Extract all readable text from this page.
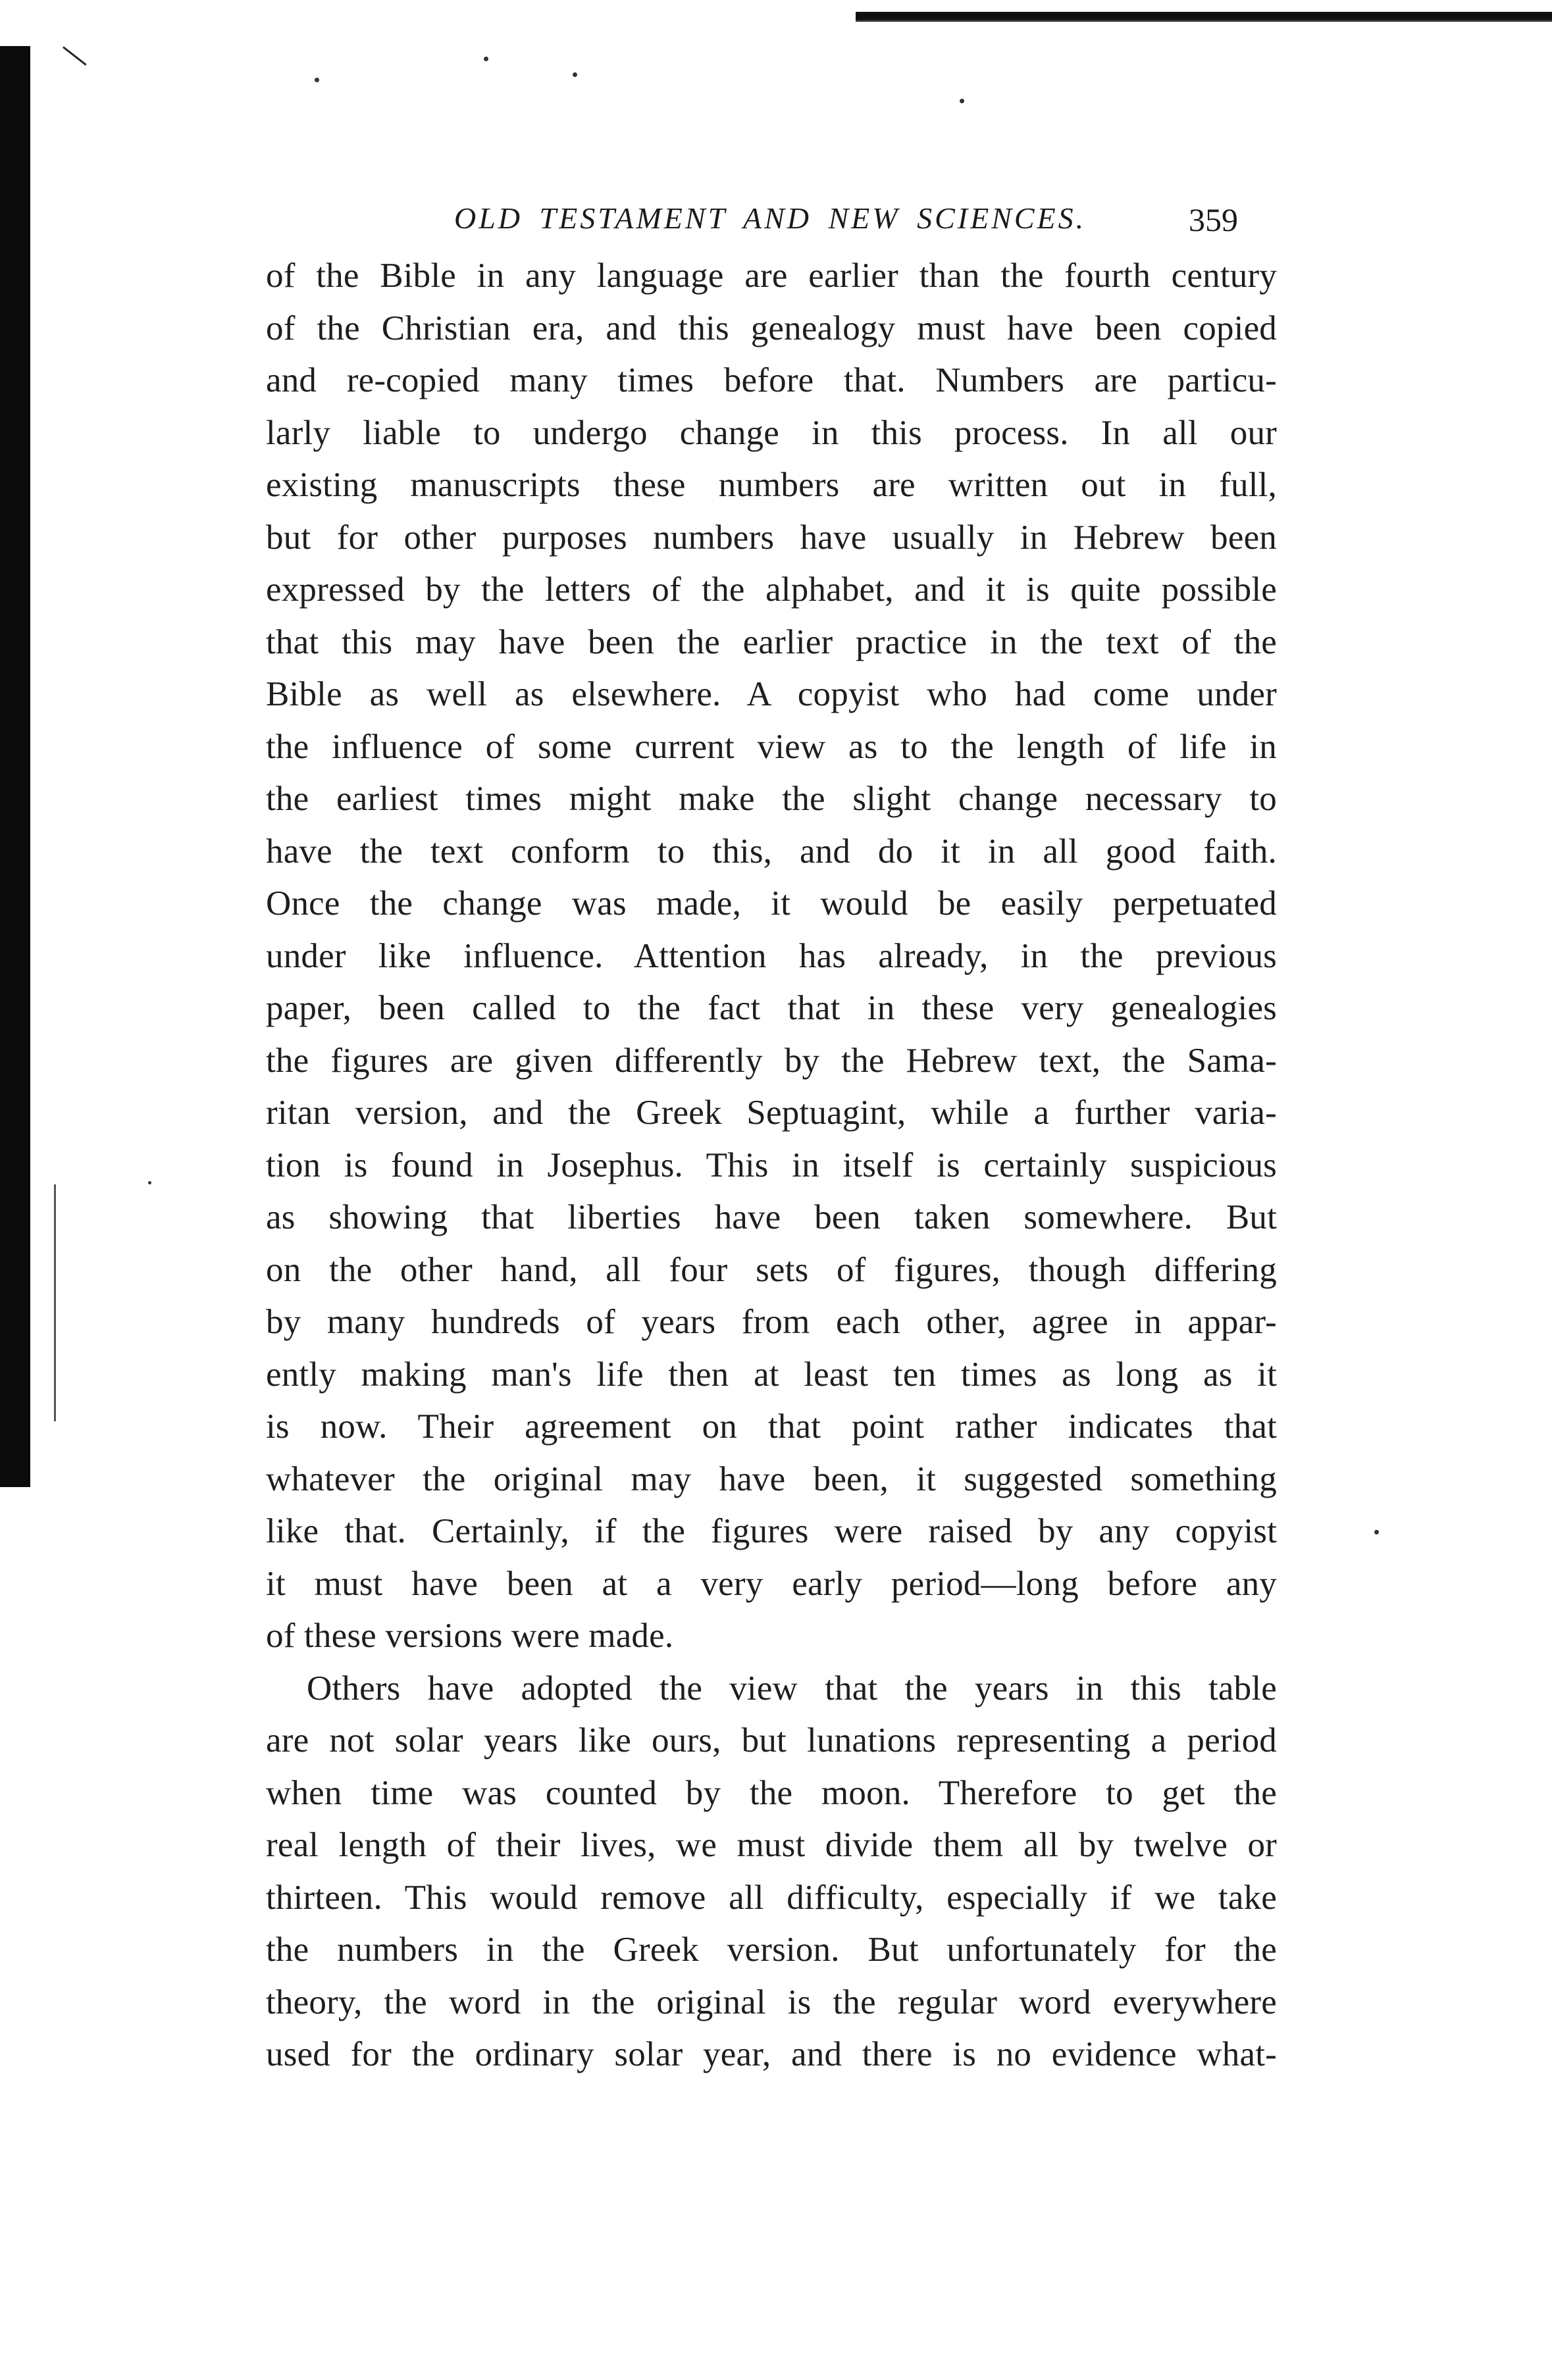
OLD TESTAMENT AND NEW SCIENCES.	359
of the Bible in any language are earlier than the fourth century
of the Christian era, and this genealogy must have been copied
and re-copied many times before that. Numbers are particu-
larly liable to undergo change in this process. In all our
existing manuscripts these numbers are written out in full,
but for other purposes numbers have usually in Hebrew been
expressed by the letters of the alphabet, and it is quite possible
that this may have been the earlier practice in the text of the
Bible as well as elsewhere. A copyist who had come under
the influence of some current view as to the length of life in
the earliest times might make the slight change necessary to
have the text conform to this, and do it in all good faith.
Once the change was made, it would be easily perpetuated
under like influence. Attention has already, in the previous
paper, been called to the fact that in these very genealogies
the figures are given differently by the Hebrew text, the Sama-
ritan version, and the Greek Septuagint, while a further varia-
tion is found in Josephus. This in itself is certainly suspicious
as showing that liberties have been taken somewhere. But
on the other hand, all four sets of figures, though differing
by many hundreds of years from each other, agree in appar-
ently making man's life then at least ten times as long as it
is now. Their agreement on that point rather indicates that
whatever the original may have been, it suggested something
like that. Certainly, if the figures were raised by any copyist
it must have been at a very early period—long before any
of these versions were made.
Others have adopted the view that the years in this table
are not solar years like ours, but lunations representing a period
when time was counted by the moon. Therefore to get the
real length of their lives, we must divide them all by twelve or
thirteen. This would remove all difficulty, especially if we take
the numbers in the Greek version. But unfortunately for the
theory, the word in the original is the regular word everywhere
used for the ordinary solar year, and there is no evidence what-
